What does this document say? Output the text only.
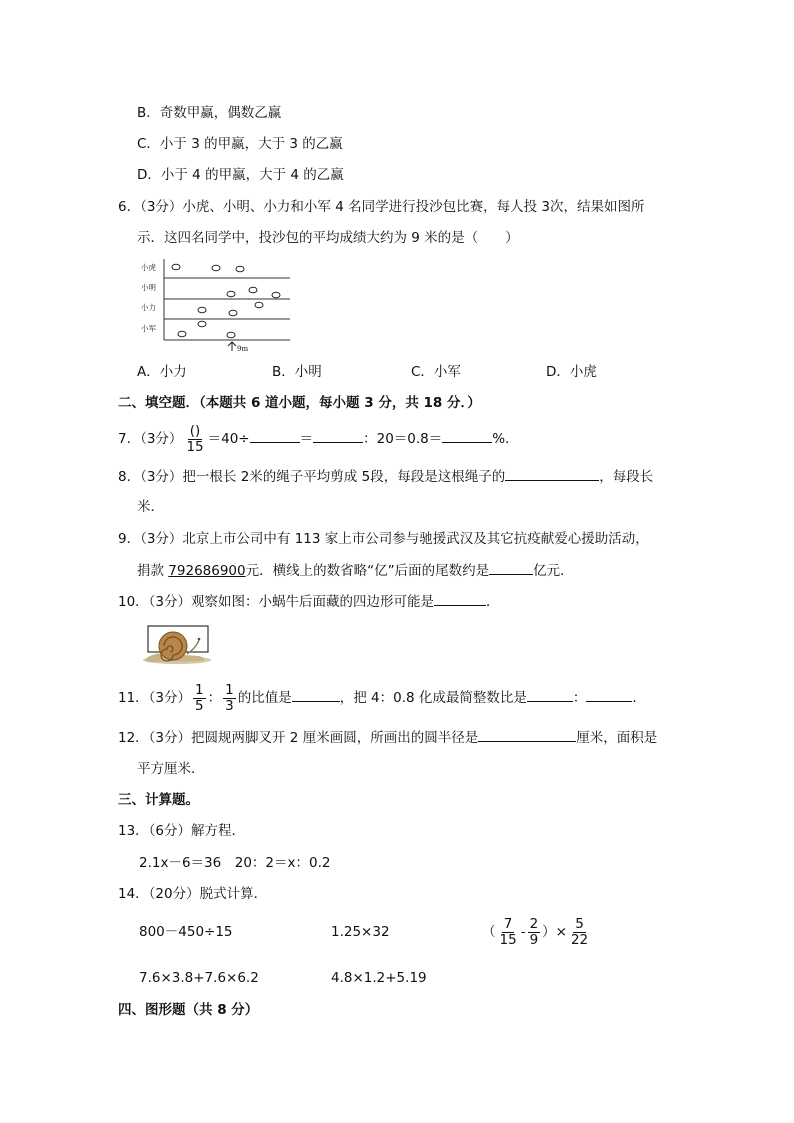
B．奇数甲赢，偶数乙赢
C．小于 3 的甲赢，大于 3 的乙赢
D．小于 4 的甲赢，大于 4 的乙赢
6．（3分）小虎、小明、小力和小军 4 名同学进行投沙包比赛，每人投 3次，结果如图所
示．这四名同学中，投沙包的平均成绩大约为 9 米的是（　　）
小虎
小明
小力
小军
9m
A．小力	B．小明	C．小军	D．小虎
二、填空题．（本题共 6 道小题，每小题 3 分，共 18 分．）
7．（3分） $\frac{()}{15} =40\div$	＝	：20＝0.8＝	%．
8．（3分）把一根长 2米的绳子平均剪成 5段，每段是这根绳子的	，每段长
米．
9．（3分）北京上市公司中有 113 家上市公司参与驰援武汉及其它抗疫献爱心援助活动，
捐款 792686900元．横线上的数省略“亿”后面的尾数约是	亿元．
10．（3分）观察如图：小蜗牛后面藏的四边形可能是	．
11．（3分） $\frac{1}{5}$ ： $\frac{1}{3}$ 的比值是	，把 4：0.8 化成最简整数比是	：	．
12．（3分）把圆规两脚叉开 2 厘米画圆，所画出的圆半径是	厘米，面积是
平方厘米．
三、计算题。
13．（6分）解方程．
2.1x－6＝36　20：2＝x：0.2
14．（20分）脱式计算．
800－450÷15	1.25×32	（ $\frac{7}{15} - \frac{2}{9}$ ）× $\frac{5}{22}$
7.6×3.8+7.6×6.2	4.8×1.2+5.19
四、图形题（共 8 分）
